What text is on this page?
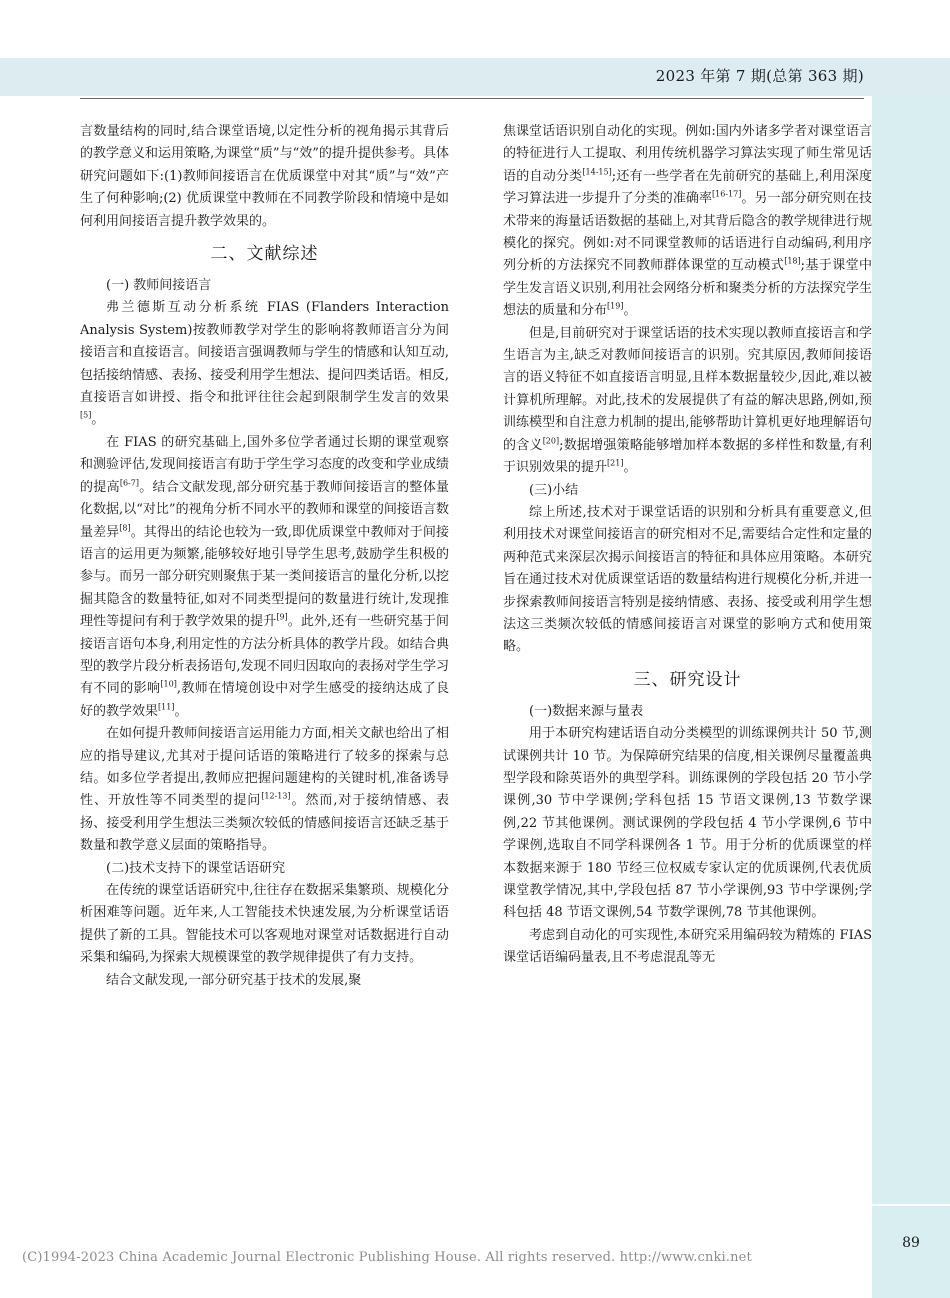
2023 年第 7 期(总第 363 期)
89

言数量结构的同时,结合课堂语境,以定性分析的视角揭示其背后的教学意义和运用策略,为课堂“质”与“效”的提升提供参考。具体研究问题如下:(1)教师间接语言在优质课堂中对其“质”与“效”产生了何种影响;(2) 优质课堂中教师在不同教学阶段和情境中是如何利用间接语言提升教学效果的。

二、文献综述
(一) 教师间接语言

弗兰德斯互动分析系统 FIAS (Flanders Interaction Analysis System)按教师教学对学生的影响将教师语言分为间接语言和直接语言。间接语言强调教师与学生的情感和认知互动,包括接纳情感、表扬、接受利用学生想法、提问四类话语。相反,直接语言如讲授、指令和批评往往会起到限制学生发言的效果[5]。

在 FIAS 的研究基础上,国外多位学者通过长期的课堂观察和测验评估,发现间接语言有助于学生学习态度的改变和学业成绩的提高[6-7]。结合文献发现,部分研究基于教师间接语言的整体量化数据,以“对比”的视角分析不同水平的教师和课堂的间接语言数量差异[8]。其得出的结论也较为一致,即优质课堂中教师对于间接语言的运用更为频繁,能够较好地引导学生思考,鼓励学生积极的参与。而另一部分研究则聚焦于某一类间接语言的量化分析,以挖掘其隐含的数量特征,如对不同类型提问的数量进行统计,发现推理性等提问有利于教学效果的提升[9]。此外,还有一些研究基于间接语言语句本身,利用定性的方法分析具体的教学片段。如结合典型的教学片段分析表扬语句,发现不同归因取向的表扬对学生学习有不同的影响[10],教师在情境创设中对学生感受的接纳达成了良好的教学效果[11]。

在如何提升教师间接语言运用能力方面,相关文献也给出了相应的指导建议,尤其对于提问话语的策略进行了较多的探索与总结。如多位学者提出,教师应把握问题建构的关键时机,准备诱导性、开放性等不同类型的提问[12-13]。然而,对于接纳情感、表扬、接受利用学生想法三类频次较低的情感间接语言还缺乏基于数量和教学意义层面的策略指导。

(二)技术支持下的课堂话语研究

在传统的课堂话语研究中,往往存在数据采集繁琐、规模化分析困难等问题。近年来,人工智能技术快速发展,为分析课堂话语提供了新的工具。智能技术可以客观地对课堂对话数据进行自动采集和编码,为探索大规模课堂的教学规律提供了有力支持。

结合文献发现,一部分研究基于技术的发展,聚

焦课堂话语识别自动化的实现。例如:国内外诸多学者对课堂语言的特征进行人工提取、利用传统机器学习算法实现了师生常见话语的自动分类[14-15];还有一些学者在先前研究的基础上,利用深度学习算法进一步提升了分类的准确率[16-17]。另一部分研究则在技术带来的海量话语数据的基础上,对其背后隐含的教学规律进行规模化的探究。例如:对不同课堂教师的话语进行自动编码,利用序列分析的方法探究不同教师群体课堂的互动模式[18];基于课堂中学生发言语义识别,利用社会网络分析和聚类分析的方法探究学生想法的质量和分布[19]。

但是,目前研究对于课堂话语的技术实现以教师直接语言和学生语言为主,缺乏对教师间接语言的识别。究其原因,教师间接语言的语义特征不如直接语言明显,且样本数据量较少,因此,难以被计算机所理解。对此,技术的发展提供了有益的解决思路,例如,预训练模型和自注意力机制的提出,能够帮助计算机更好地理解语句的含义[20];数据增强策略能够增加样本数据的多样性和数量,有利于识别效果的提升[21]。

(三)小结

综上所述,技术对于课堂话语的识别和分析具有重要意义,但利用技术对课堂间接语言的研究相对不足,需要结合定性和定量的两种范式来深层次揭示间接语言的特征和具体应用策略。本研究旨在通过技术对优质课堂话语的数量结构进行规模化分析,并进一步探索教师间接语言特别是接纳情感、表扬、接受或利用学生想法这三类频次较低的情感间接语言对课堂的影响方式和使用策略。

三、研究设计
(一)数据来源与量表

用于本研究构建话语自动分类模型的训练课例共计 50 节,测试课例共计 10 节。为保障研究结果的信度,相关课例尽量覆盖典型学段和除英语外的典型学科。训练课例的学段包括 20 节小学课例,30 节中学课例;学科包括 15 节语文课例,13 节数学课例,22 节其他课例。测试课例的学段包括 4 节小学课例,6 节中学课例,选取自不同学科课例各 1 节。用于分析的优质课堂的样本数据来源于 180 节经三位权威专家认定的优质课例,代表优质课堂教学情况,其中,学段包括 87 节小学课例,93 节中学课例;学科包括 48 节语文课例,54 节数学课例,78 节其他课例。

考虑到自动化的可实现性,本研究采用编码较为精炼的 FIAS 课堂话语编码量表,且不考虑混乱等无

(C)1994-2023 China Academic Journal Electronic Publishing House. All rights reserved. http://www.cnki.net
